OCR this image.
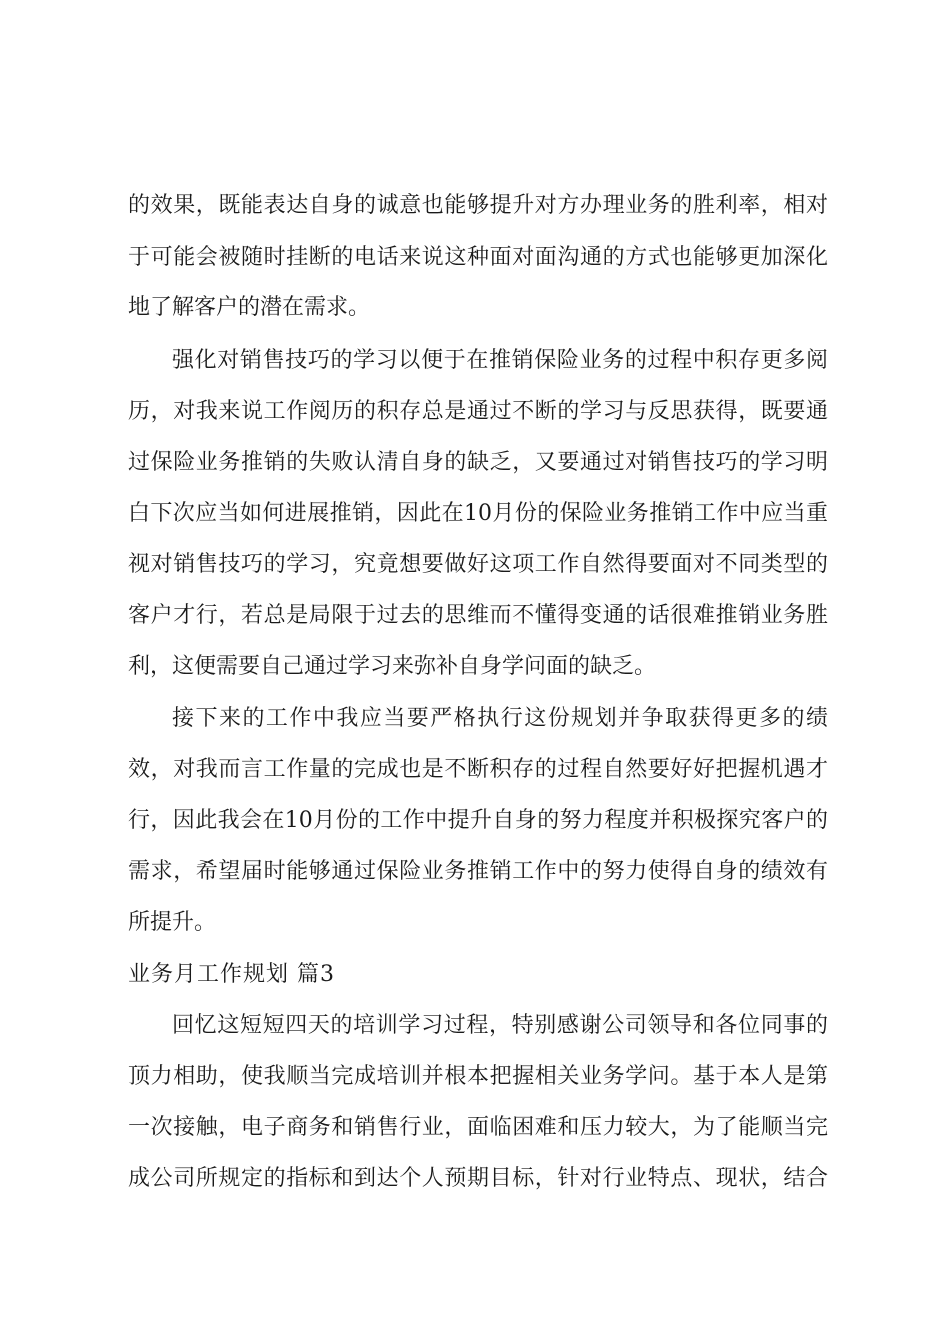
的效果，既能表达自身的诚意也能够提升对方办理业务的胜利率，相对
于可能会被随时挂断的电话来说这种面对面沟通的方式也能够更加深化
地了解客户的潜在需求。
强化对销售技巧的学习以便于在推销保险业务的过程中积存更多阅
历，对我来说工作阅历的积存总是通过不断的学习与反思获得，既要通
过保险业务推销的失败认清自身的缺乏，又要通过对销售技巧的学习明
白下次应当如何进展推销，因此在10月份的保险业务推销工作中应当重
视对销售技巧的学习，究竟想要做好这项工作自然得要面对不同类型的
客户才行，若总是局限于过去的思维而不懂得变通的话很难推销业务胜
利，这便需要自己通过学习来弥补自身学问面的缺乏。
接下来的工作中我应当要严格执行这份规划并争取获得更多的绩
效，对我而言工作量的完成也是不断积存的过程自然要好好把握机遇才
行，因此我会在10月份的工作中提升自身的努力程度并积极探究客户的
需求，希望届时能够通过保险业务推销工作中的努力使得自身的绩效有
所提升。
业务月工作规划 篇3
回忆这短短四天的培训学习过程，特别感谢公司领导和各位同事的
顶力相助，使我顺当完成培训并根本把握相关业务学问。基于本人是第
一次接触，电子商务和销售行业，面临困难和压力较大，为了能顺当完
成公司所规定的指标和到达个人预期目标，针对行业特点、现状，结合
